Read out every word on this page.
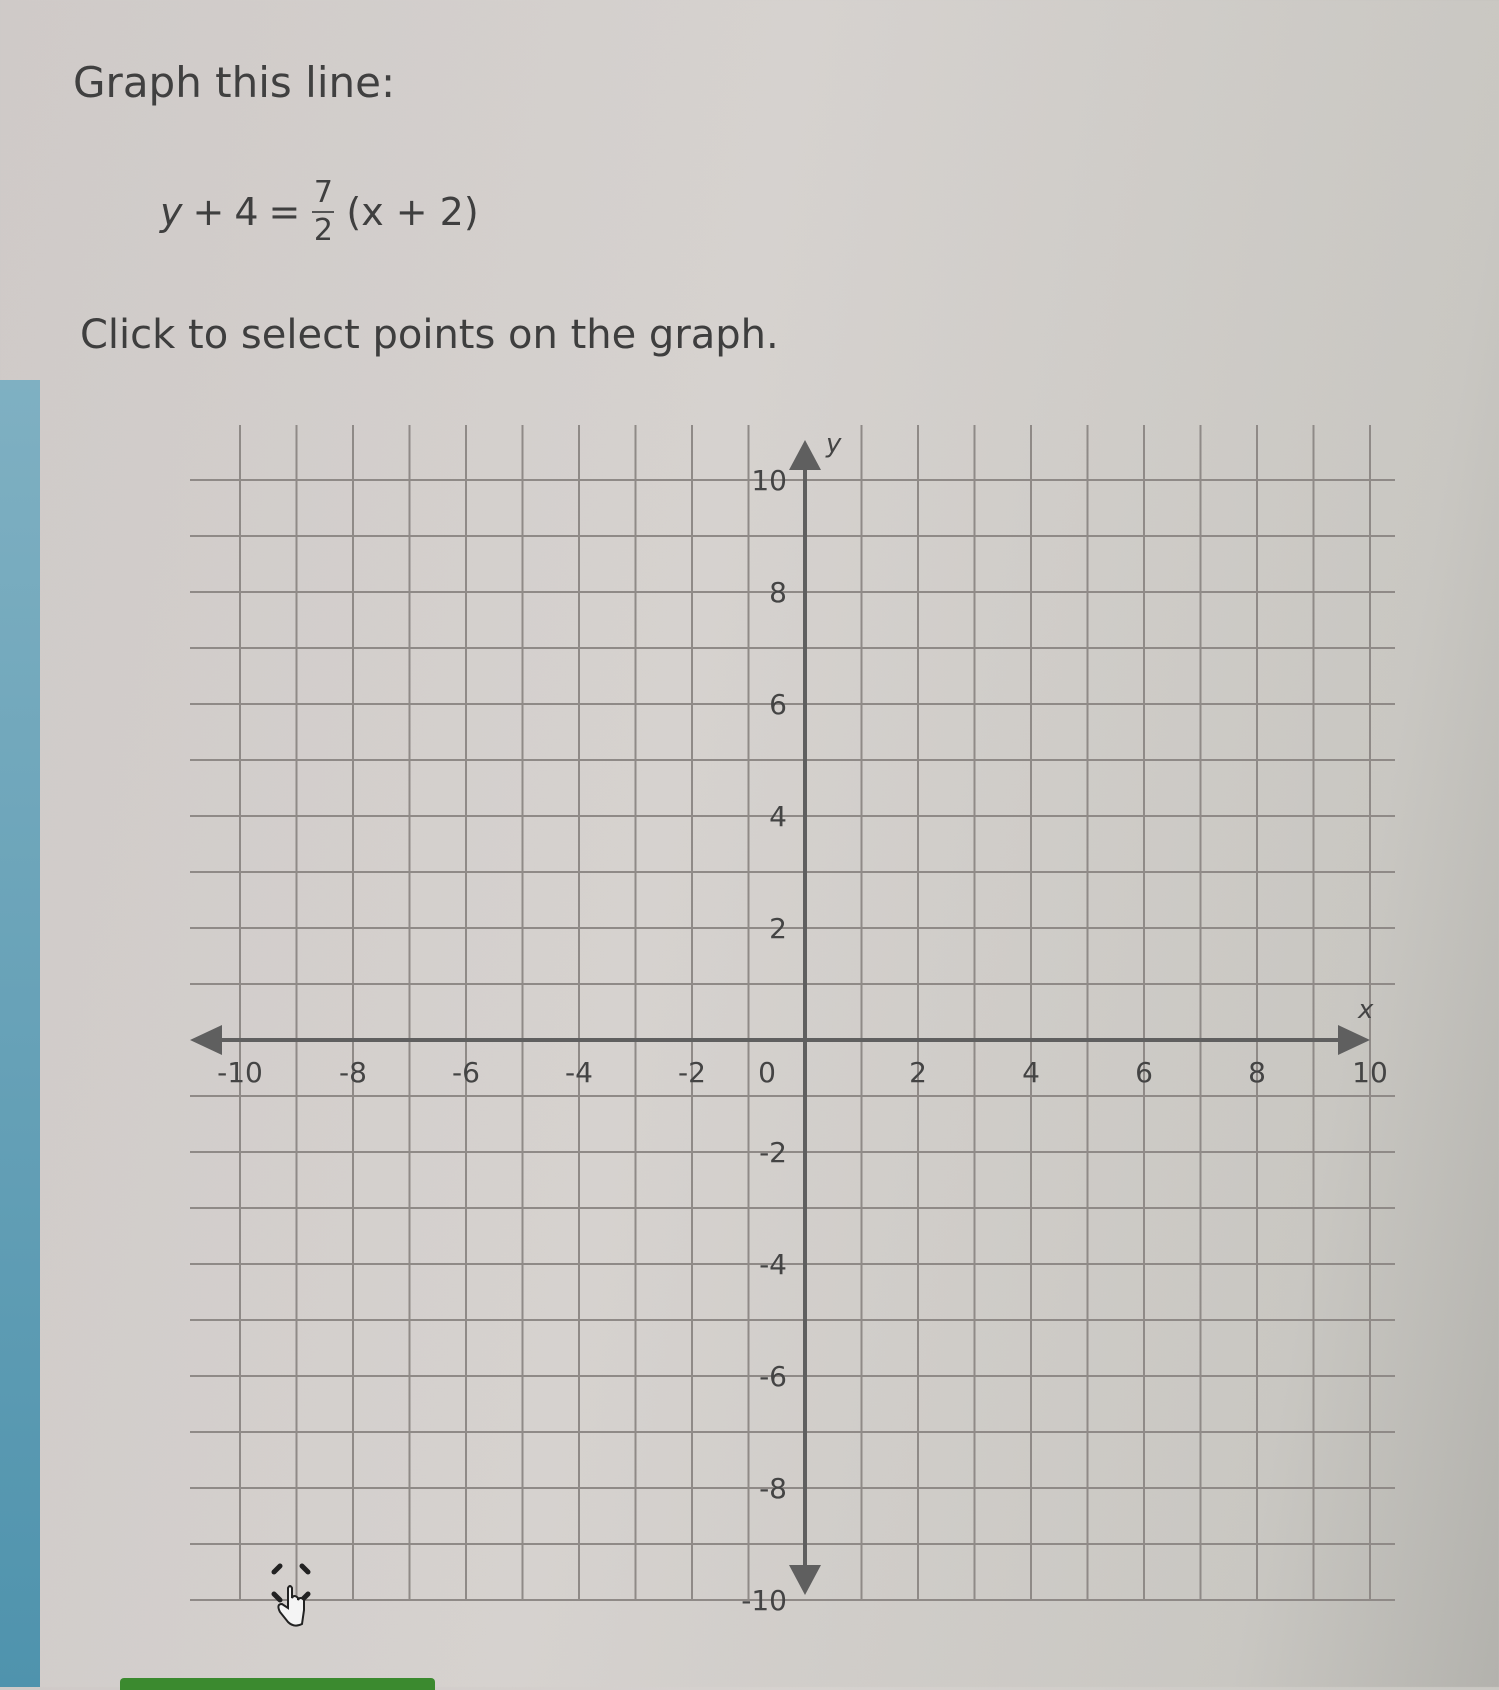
Graph this line:
$y + 4 = \frac{7}{2} (x + 2)$
Click to select points on the graph.
x
y
-10	-8	-6	-4	-2 0	2	4	6	8	10
10
8
6
4
2
-2
-4
-6
-8
-10
